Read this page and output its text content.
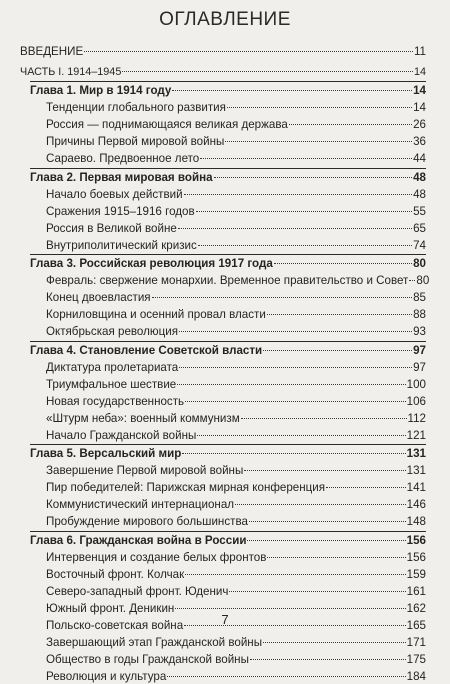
ОГЛАВЛЕНИЕ
ВВЕДЕНИЕ	11
ЧАСТЬ I. 1914–1945	14
Глава 1. Мир в 1914 году	14
Тенденции глобального развития	14
Россия — поднимающаяся великая держава	26
Причины Первой мировой войны	36
Сараево. Предвоенное лето	44
Глава 2. Первая мировая война	48
Начало боевых действий	48
Сражения 1915–1916 годов	55
Россия в Великой войне	65
Внутриполитический кризис	74
Глава 3. Российская революция 1917 года	80
Февраль: свержение монархии. Временное правительство и Совет 80
Конец двоевластия	85
Корниловщина и осенний провал власти	88
Октябрьская революция	93
Глава 4. Становление Советской власти	97
Диктатура пролетариата	97
Триумфальное шествие	100
Новая государственность	106
«Штурм неба»: военный коммунизм	112
Начало Гражданской войны	121
Глава 5. Версальский мир	131
Завершение Первой мировой войны	131
Пир победителей: Парижская мирная конференция	141
Коммунистический интернационал	146
Пробуждение мирового большинства	148
Глава 6. Гражданская война в России	156
Интервенция и создание белых фронтов	156
Восточный фронт. Колчак	159
Северо-западный фронт. Юденич	161
Южный фронт. Деникин	162
Польско-советская война	165
Завершающий этап Гражданской войны	171
Общество в годы Гражданской войны	175
Революция и культура	184
7
